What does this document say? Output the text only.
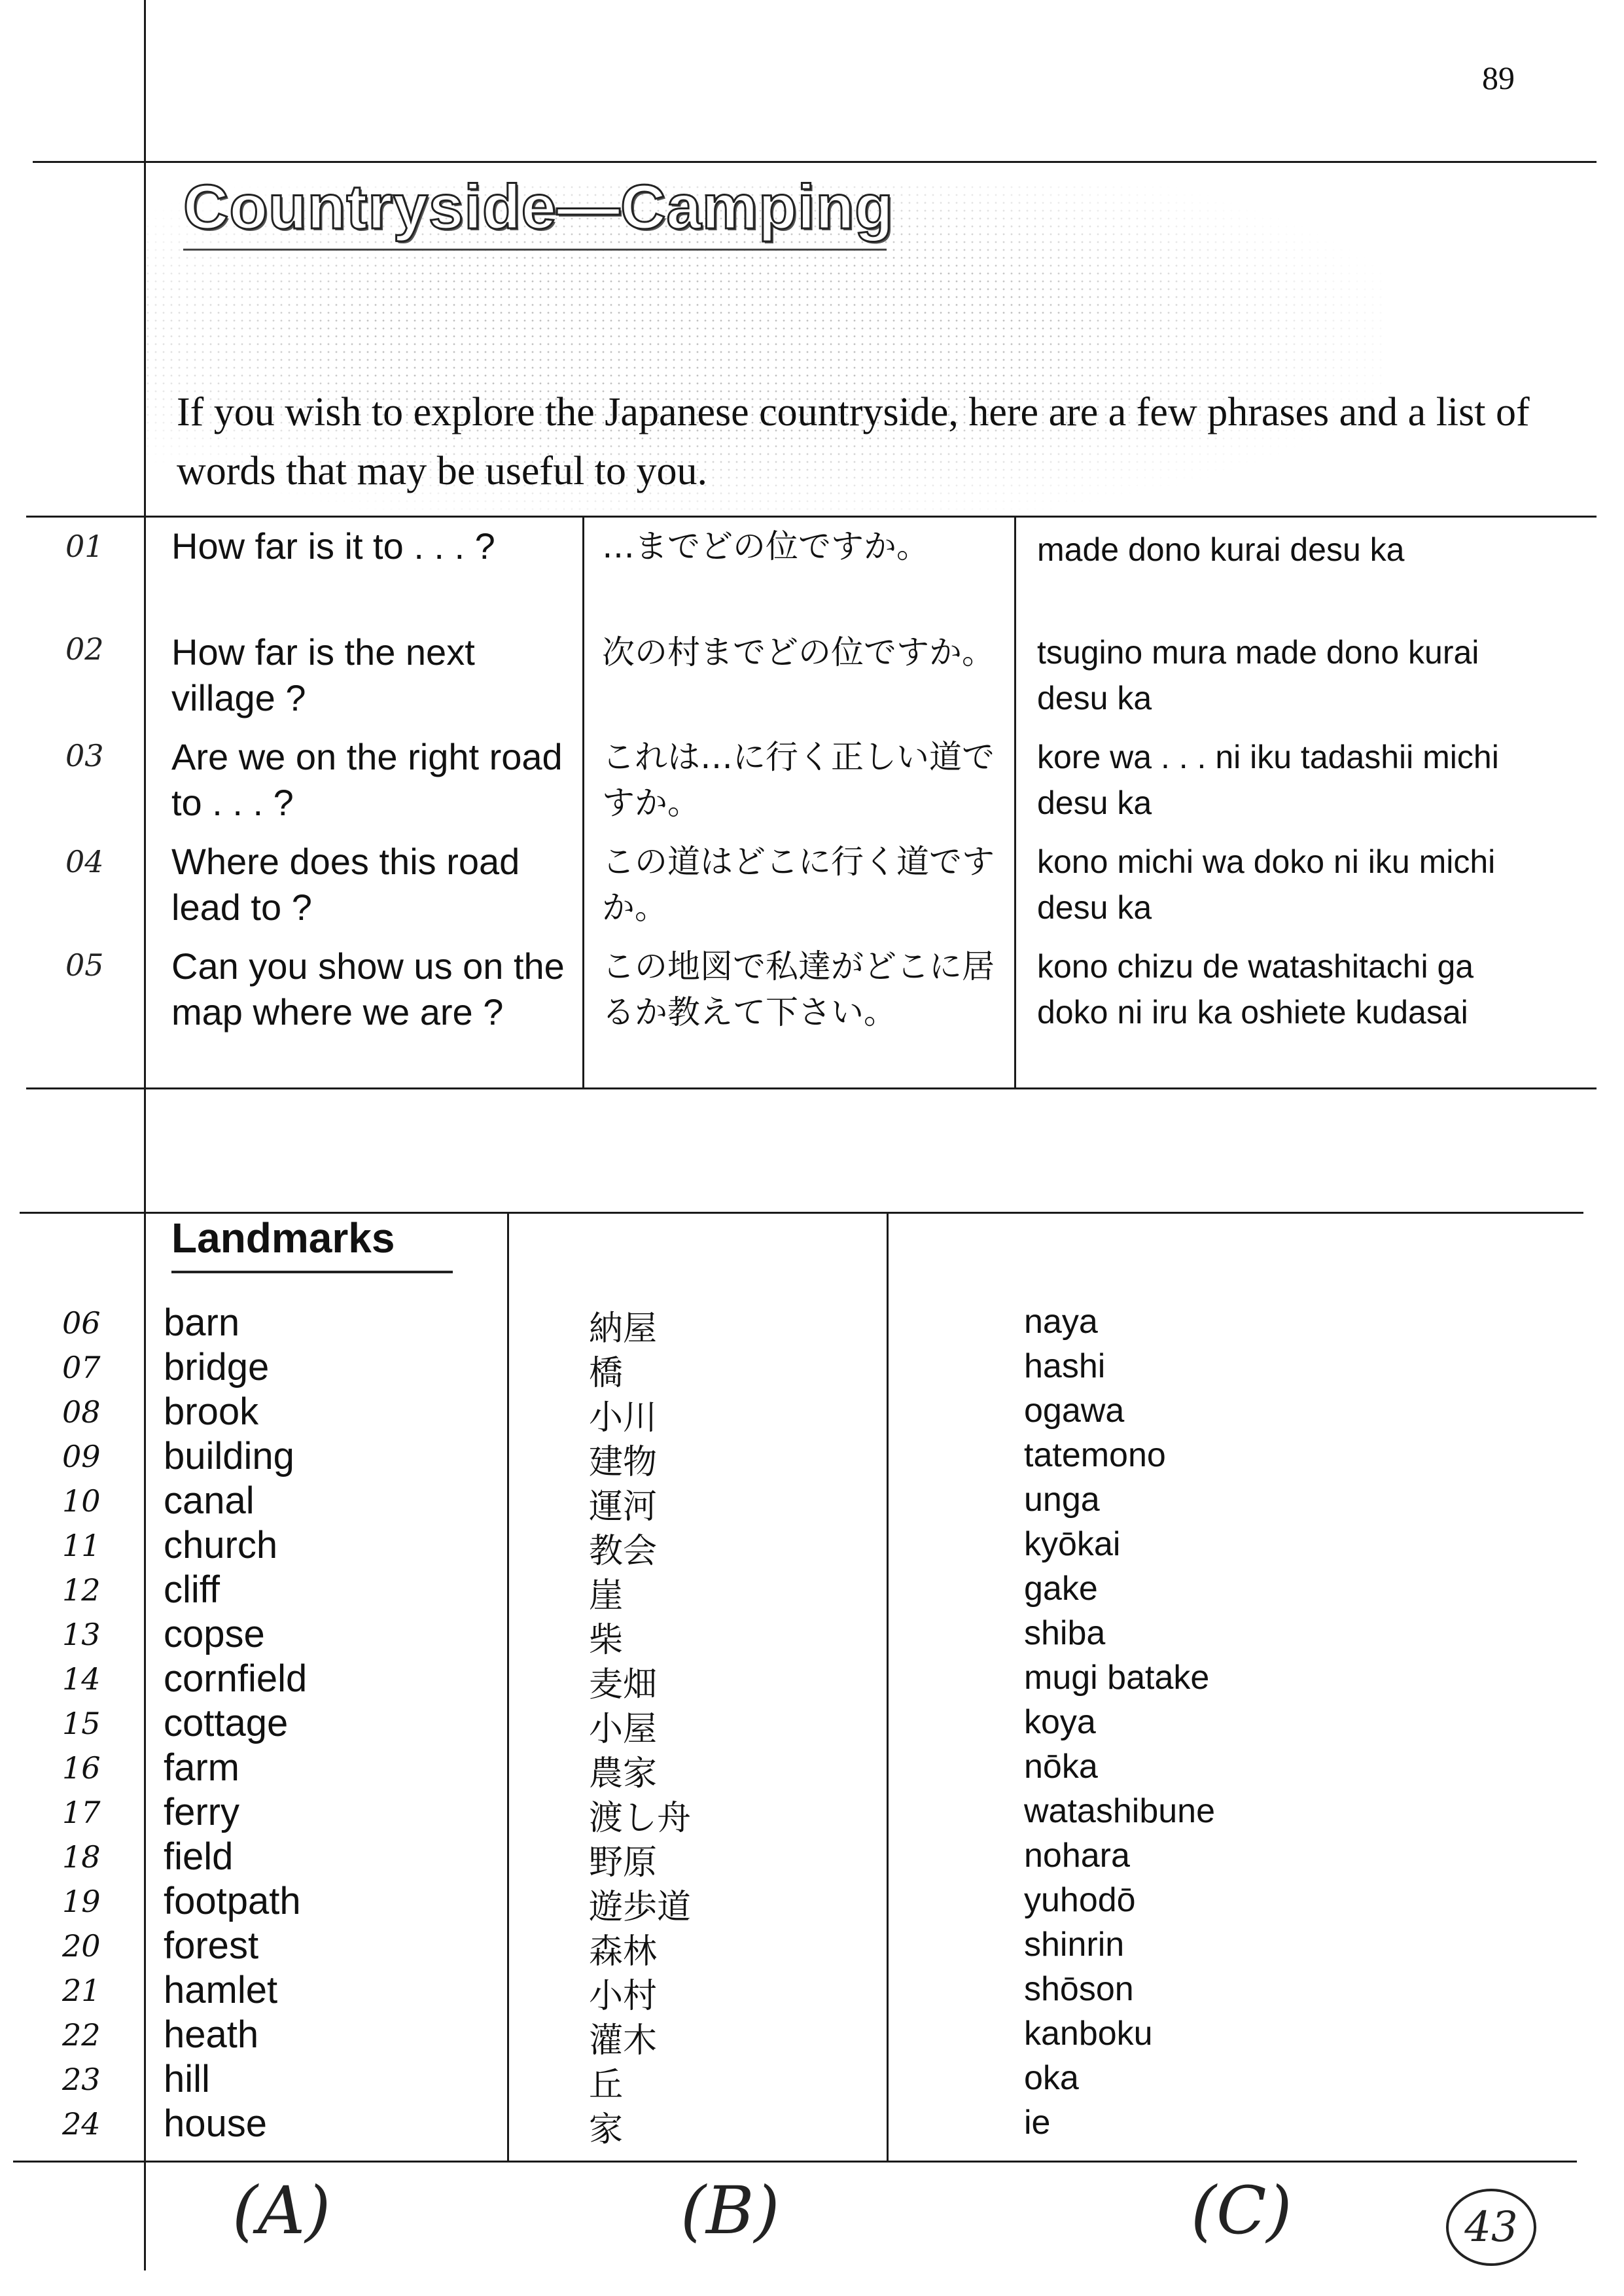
89
Countryside—Camping
If you wish to explore the Japanese countryside, here are a few phrases and a list of words that may be useful to you.
01 How far is it to . . . ?	…までどの位ですか。	made dono kurai desu ka
02 How far is the next village ?
次の村までどの位ですか。	tsugino mura made dono kurai desu ka
03 Are we on the right road to . . . ?
これは…に行く正しい道ですか。
kore wa . . . ni iku tadashii michi desu ka
04 Where does this road lead to ?
この道はどこに行く道ですか。
kono michi wa doko ni iku michi desu ka
05 Can you show us on the map where we are ?
この地図で私達がどこに居るか教えて下さい。
kono chizu de watashitachi ga doko ni iru ka oshiete kudasai
Landmarks
06 barn	納屋	naya
07 bridge	橋	hashi
08 brook	小川	ogawa
09 building	建物	tatemono
10 canal	運河	unga
11 church	教会	kyōkai
12 cliff	崖	gake
13 copse	柴	shiba
14 cornfield	麦畑	mugi batake
15 cottage	小屋	koya
16 farm	農家	nōka
17 ferry	渡し舟	watashibune
18 field	野原	nohara
19 footpath	遊歩道	yuhodō
20 forest	森林	shinrin
21 hamlet	小村	shōson
22 heath	灌木	kanboku
23 hill	丘	oka
24 house	家	ie
(A)	(B)	(C)	43
